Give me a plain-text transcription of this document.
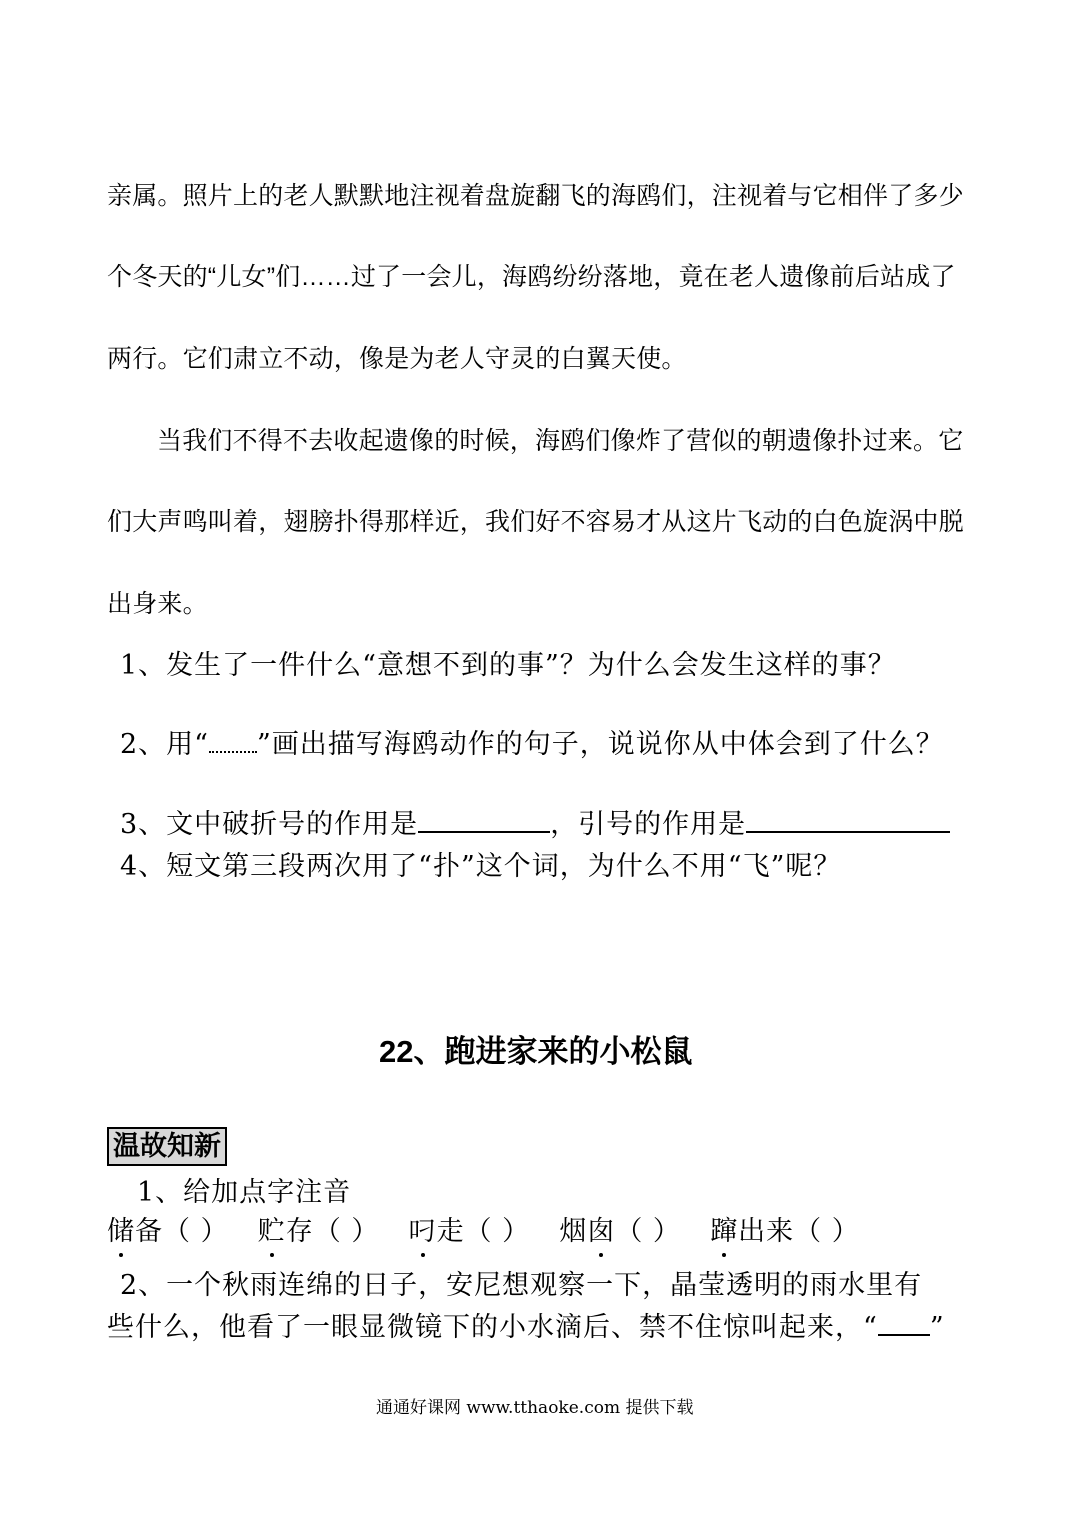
亲属。照片上的老人默默地注视着盘旋翻飞的海鸥们，注视着与它相伴了多少
个冬天的“儿女”们……过了一会儿，海鸥纷纷落地，竟在老人遗像前后站成了
两行。它们肃立不动，像是为老人守灵的白翼天使。
当我们不得不去收起遗像的时候，海鸥们像炸了营似的朝遗像扑过来。它
们大声鸣叫着，翅膀扑得那样近，我们好不容易才从这片飞动的白色旋涡中脱
出身来。
1、发生了一件什么“意想不到的事”？为什么会发生这样的事？
2、用“ ”画出描写海鸥动作的句子，说说你从中体会到了什么？
3、文中破折号的作用是	，引号的作用是
4、短文第三段两次用了“扑”这个词，为什么不用“飞”呢？
22、跑进家来的小松鼠
温故知新
1、给加点字注音
储备（ ） 贮存（ ） 叼走（ ） 烟囱（ ） 蹿出来（ ）
2、一个秋雨连绵的日子，安尼想观察一下，晶莹透明的雨水里有
些什么，他看了一眼显微镜下的小水滴后、禁不住惊叫起来，“ ”
通通好课网 www.tthaoke.com 提供下载
